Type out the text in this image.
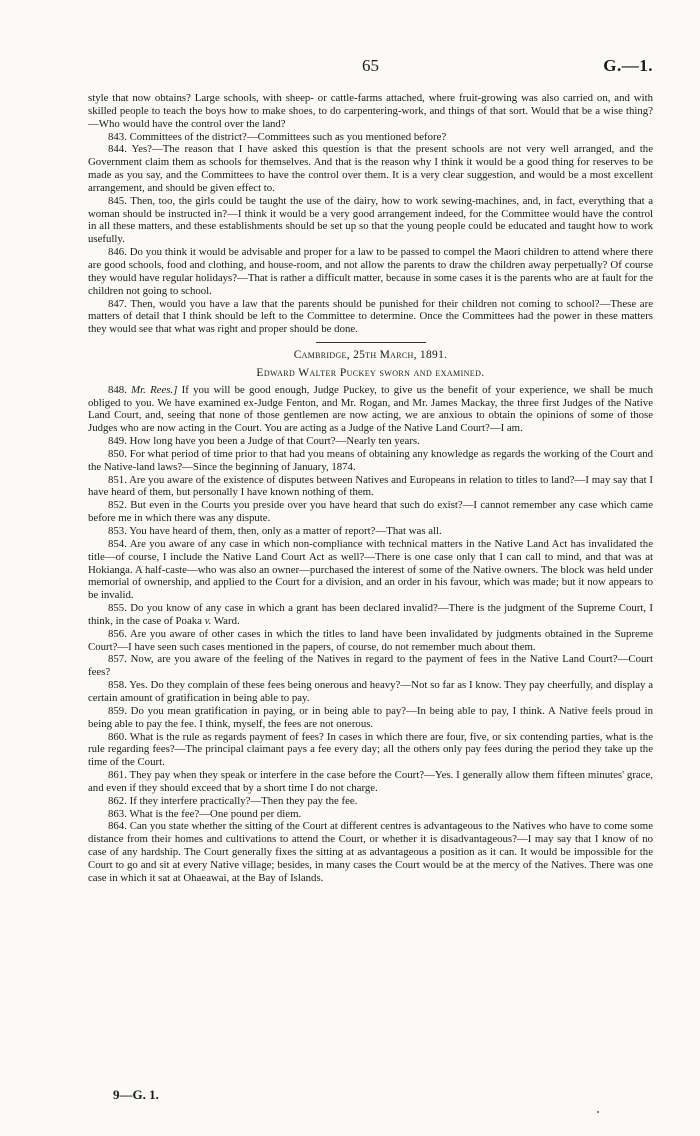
65	G.—1.

style that now obtains? Large schools, with sheep- or cattle-farms attached, where fruit-growing was also carried on, and with skilled people to teach the boys how to make shoes, to do carpentering-work, and things of that sort. Would that be a wise thing?—Who would have the control over the land?

843. Committees of the district?—Committees such as you mentioned before?

844. Yes?—The reason that I have asked this question is that the present schools are not very well arranged, and the Government claim them as schools for themselves. And that is the reason why I think it would be a good thing for reserves to be made as you say, and the Committees to have the control over them. It is a very clear suggestion, and would be a most excellent arrangement, and should be given effect to.

845. Then, too, the girls could be taught the use of the dairy, how to work sewing-machines, and, in fact, everything that a woman should be instructed in?—I think it would be a very good arrangement indeed, for the Committee would have the control in all these matters, and these establishments should be set up so that the young people could be educated and taught how to work usefully.

846. Do you think it would be advisable and proper for a law to be passed to compel the Maori children to attend where there are good schools, food and clothing, and house-room, and not allow the parents to draw the children away perpetually? Of course they would have regular holidays?—That is rather a difficult matter, because in some cases it is the parents who are at fault for the children not going to school.

847. Then, would you have a law that the parents should be punished for their children not coming to school?—These are matters of detail that I think should be left to the Committee to determine. Once the Committees had the power in these matters they would see that what was right and proper should be done.

Cambridge, 25th March, 1891.
Edward Walter Puckey sworn and examined.

848. Mr. Rees.] If you will be good enough, Judge Puckey, to give us the benefit of your experience, we shall be much obliged to you. We have examined ex-Judge Fenton, and Mr. Rogan, and Mr. James Mackay, the three first Judges of the Native Land Court, and, seeing that none of those gentlemen are now acting, we are anxious to obtain the opinions of some of those Judges who are now acting in the Court. You are acting as a Judge of the Native Land Court?—I am.

849. How long have you been a Judge of that Court?—Nearly ten years.

850. For what period of time prior to that had you means of obtaining any knowledge as regards the working of the Court and the Native-land laws?—Since the beginning of January, 1874.

851. Are you aware of the existence of disputes between Natives and Europeans in relation to titles to land?—I may say that I have heard of them, but personally I have known nothing of them.

852. But even in the Courts you preside over you have heard that such do exist?—I cannot remember any case which came before me in which there was any dispute.

853. You have heard of them, then, only as a matter of report?—That was all.

854. Are you aware of any case in which non-compliance with technical matters in the Native Land Act has invalidated the title—of course, I include the Native Land Court Act as well?—There is one case only that I can call to mind, and that was at Hokianga. A half-caste—who was also an owner—purchased the interest of some of the Native owners. The block was held under memorial of ownership, and applied to the Court for a division, and an order in his favour, which was made; but it now appears to be invalid.

855. Do you know of any case in which a grant has been declared invalid?—There is the judgment of the Supreme Court, I think, in the case of Poaka v. Ward.

856. Are you aware of other cases in which the titles to land have been invalidated by judgments obtained in the Supreme Court?—I have seen such cases mentioned in the papers, of course, do not remember much about them.

857. Now, are you aware of the feeling of the Natives in regard to the payment of fees in the Native Land Court?—Court fees?

858. Yes. Do they complain of these fees being onerous and heavy?—Not so far as I know. They pay cheerfully, and display a certain amount of gratification in being able to pay.

859. Do you mean gratification in paying, or in being able to pay?—In being able to pay, I think. A Native feels proud in being able to pay the fee. I think, myself, the fees are not onerous.

860. What is the rule as regards payment of fees? In cases in which there are four, five, or six contending parties, what is the rule regarding fees?—The principal claimant pays a fee every day; all the others only pay fees during the period they take up the time of the Court.

861. They pay when they speak or interfere in the case before the Court?—Yes. I generally allow them fifteen minutes' grace, and even if they should exceed that by a short time I do not charge.

862. If they interfere practically?—Then they pay the fee.

863. What is the fee?—One pound per diem.

864. Can you state whether the sitting of the Court at different centres is advantageous to the Natives who have to come some distance from their homes and cultivations to attend the Court, or whether it is disadvantageous?—I may say that I know of no case of any hardship. The Court generally fixes the sitting at as advantageous a position as it can. It would be impossible for the Court to go and sit at every Native village; besides, in many cases the Court would be at the mercy of the Natives. There was one case in which it sat at Ohaeawai, at the Bay of Islands.

9—G. 1.
